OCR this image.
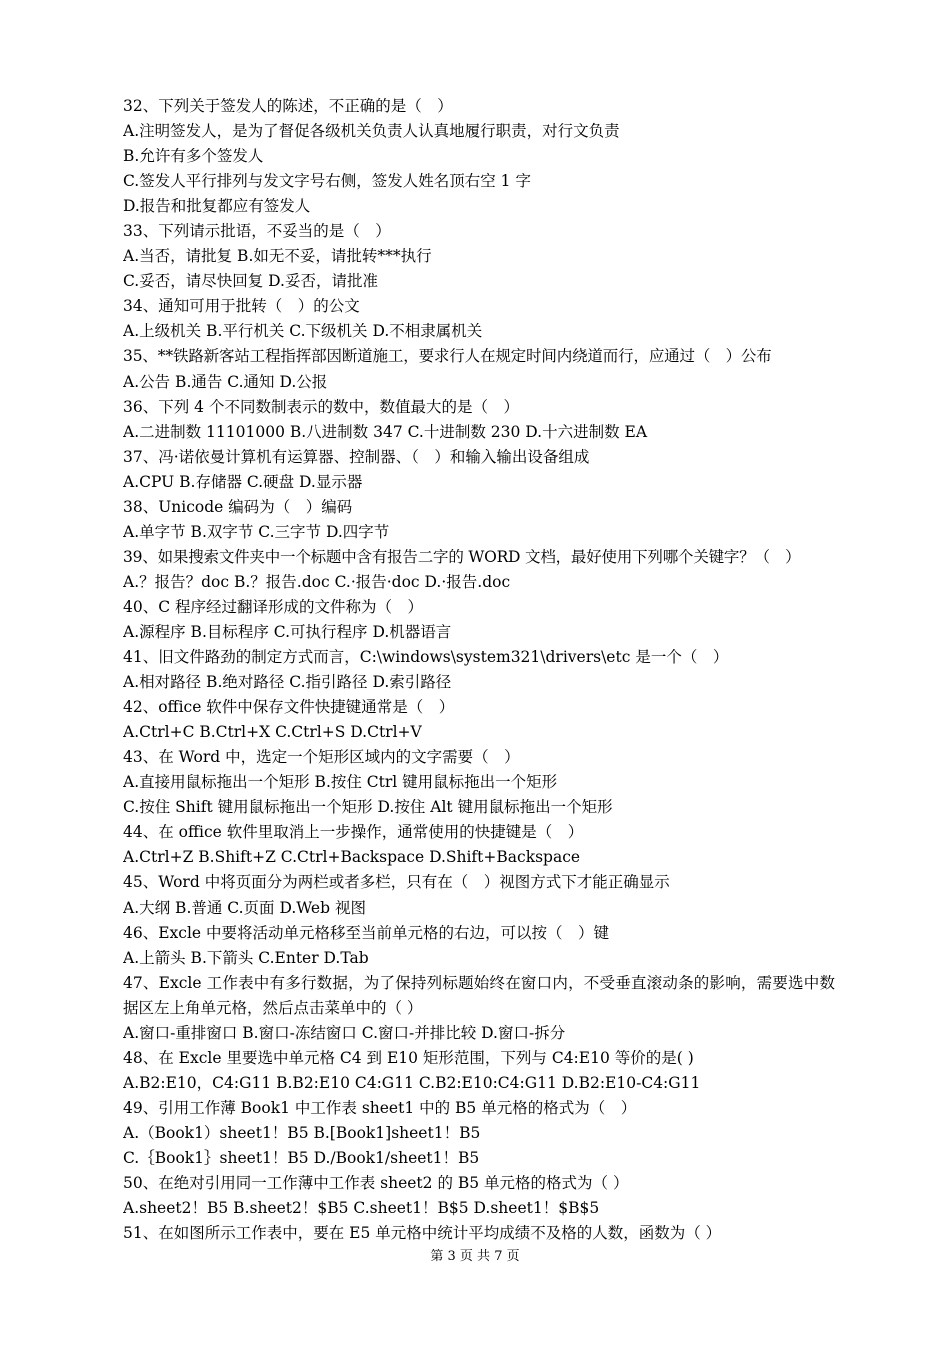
32、下列关于签发人的陈述，不正确的是（　）
A.注明签发人，是为了督促各级机关负责人认真地履行职责，对行文负责
B.允许有多个签发人
C.签发人平行排列与发文字号右侧，签发人姓名顶右空 1 字
D.报告和批复都应有签发人
33、下列请示批语，不妥当的是（　）
A.当否，请批复 B.如无不妥，请批转***执行
C.妥否，请尽快回复 D.妥否，请批准
34、通知可用于批转（　）的公文
A.上级机关 B.平行机关 C.下级机关 D.不相隶属机关
35、**铁路新客站工程指挥部因断道施工，要求行人在规定时间内绕道而行，应通过（　）公布
A.公告 B.通告 C.通知 D.公报
36、下列 4 个不同数制表示的数中，数值最大的是（　）
A.二进制数 11101000 B.八进制数 347 C.十进制数 230 D.十六进制数 EA
37、冯·诺依曼计算机有运算器、控制器、（　）和输入输出设备组成
A.CPU B.存储器 C.硬盘 D.显示器
38、Unicode 编码为（　）编码
A.单字节 B.双字节 C.三字节 D.四字节
39、如果搜索文件夹中一个标题中含有报告二字的 WORD 文档，最好使用下列哪个关键字？（　）
A.？报告？doc B.？报告.doc C.·报告·doc D.·报告.doc
40、C 程序经过翻译形成的文件称为（　）
A.源程序 B.目标程序 C.可执行程序 D.机器语言
41、旧文件路劲的制定方式而言，C:\windows\system321\drivers\etc 是一个（　）
A.相对路径 B.绝对路径 C.指引路径 D.索引路径
42、office 软件中保存文件快捷键通常是（　）
A.Ctrl+C B.Ctrl+X C.Ctrl+S D.Ctrl+V
43、在 Word 中，选定一个矩形区域内的文字需要（　）
A.直接用鼠标拖出一个矩形 B.按住 Ctrl 键用鼠标拖出一个矩形
C.按住 Shift 键用鼠标拖出一个矩形 D.按住 Alt 键用鼠标拖出一个矩形
44、在 office 软件里取消上一步操作，通常使用的快捷键是（　）
A.Ctrl+Z B.Shift+Z C.Ctrl+Backspace D.Shift+Backspace
45、Word 中将页面分为两栏或者多栏，只有在（　）视图方式下才能正确显示
A.大纲 B.普通 C.页面 D.Web 视图
46、Excle 中要将活动单元格移至当前单元格的右边，可以按（　）键
A.上箭头 B.下箭头 C.Enter D.Tab
47、Excle 工作表中有多行数据，为了保持列标题始终在窗口内，不受垂直滚动条的影响，需要选中数据区左上角单元格，然后点击菜单中的（ ）
A.窗口-重排窗口 B.窗口-冻结窗口 C.窗口-并排比较 D.窗口-拆分
48、在 Excle 里要选中单元格 C4 到 E10 矩形范围，下列与 C4:E10 等价的是( )
A.B2:E10，C4:G11 B.B2:E10 C4:G11 C.B2:E10:C4:G11 D.B2:E10-C4:G11
49、引用工作薄 Book1 中工作表 sheet1 中的 B5 单元格的格式为（　）
A.（Book1）sheet1！B5 B.[Book1]sheet1！B5
C.｛Book1｝sheet1！B5 D./Book1/sheet1！B5
50、在绝对引用同一工作薄中工作表 sheet2 的 B5 单元格的格式为（ ）
A.sheet2！B5 B.sheet2！$B5 C.sheet1！B$5 D.sheet1！$B$5
51、在如图所示工作表中，要在 E5 单元格中统计平均成绩不及格的人数，函数为（ ）
第 3 页 共 7 页
